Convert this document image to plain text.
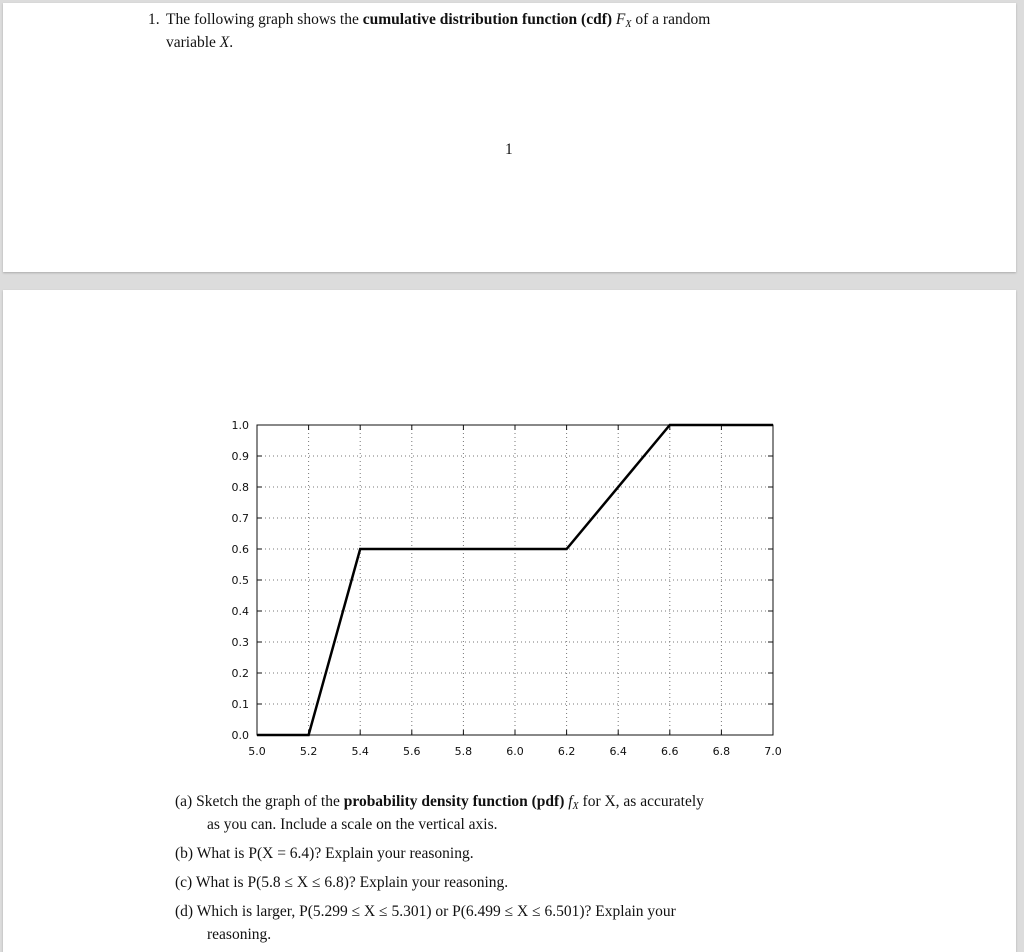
1. The following graph shows the cumulative distribution function (cdf) $F_X$ of a random
variable X.
1
5.0	5.2	5.4	5.6	5.8	6.0	6.2	6.4	6.6	6.8	7.0
0.0
0.1
0.2
0.3
0.4
0.5
0.6
0.7
0.8
0.9
1.0
(a) Sketch the graph of the probability density function (pdf) $f_X$ for X, as accurately
as you can. Include a scale on the vertical axis.
(b) What is P(X = 6.4)? Explain your reasoning.
(c) What is P(5.8 ≤ X ≤ 6.8)? Explain your reasoning.
(d) Which is larger, P(5.299 ≤ X ≤ 5.301) or P(6.499 ≤ X ≤ 6.501)? Explain your
reasoning.
